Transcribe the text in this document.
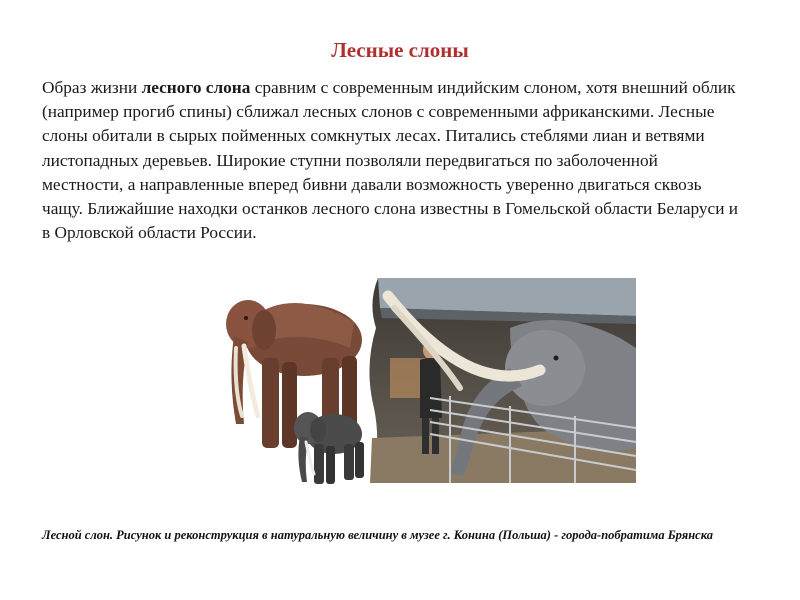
Лесные слоны
Образ жизни лесного слона сравним с современным индийским слоном, хотя внешний облик (например прогиб спины) сближал лесных слонов с современными африканскими. Лесные слоны обитали в сырых пойменных сомкнутых лесах. Питались стеблями лиан и ветвями листопадных деревьев. Широкие ступни позволяли передвигаться по заболоченной местности, а направленные вперед бивни давали возможность уверенно двигаться сквозь чащу. Ближайшие находки останков лесного слона известны в Гомельской области Беларуси и в Орловской области России.
Лесной слон. Рисунок и реконструкция в натуральную величину в музее г. Конина (Польша) - города-побратима Брянска
